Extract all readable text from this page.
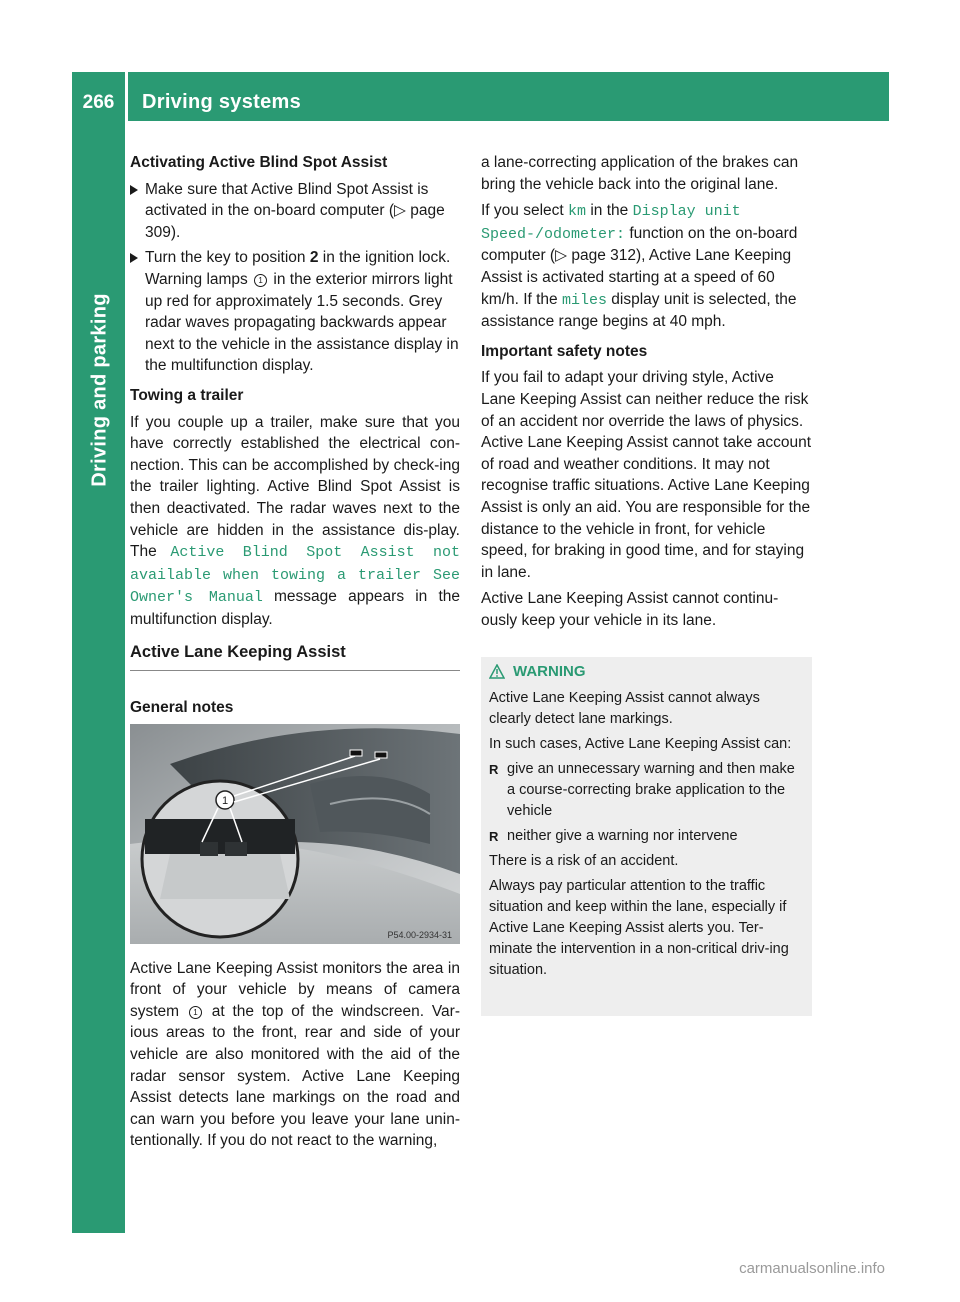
266	Driving systems
Driving and parking

Activating Active Blind Spot Assist

Make sure that Active Blind Spot Assist is activated in the on-board computer (▷ page 309).
Turn the key to position 2 in the ignition lock.
Warning lamps 1 in the exterior mirrors light up red for approximately 1.5 seconds. Grey radar waves propagating backwards appear next to the vehicle in the assistance display in the multifunction display.

Towing a trailer

If you couple up a trailer, make sure that you have correctly established the electrical con-nection. This can be accomplished by check-ing the trailer lighting. Active Blind Spot Assist is then deactivated. The radar waves next to the vehicle are hidden in the assistance dis-play. The Active Blind Spot Assist not available when towing a trailer See Owner's Manual message appears in the multifunction display.

Active Lane Keeping Assist

General notes

1
P54.00-2934-31

Active Lane Keeping Assist monitors the area in front of your vehicle by means of camera system 1 at the top of the windscreen. Var-ious areas to the front, rear and side of your vehicle are also monitored with the aid of the radar sensor system. Active Lane Keeping Assist detects lane markings on the road and can warn you before you leave your lane unin-tentionally. If you do not react to the warning,

a lane-correcting application of the brakes can bring the vehicle back into the original lane.

If you select km in the Display unit Speed-/odometer: function on the on-board computer (▷ page 312), Active Lane Keeping Assist is activated starting at a speed of 60 km/h. If the miles display unit is selected, the assistance range begins at 40 mph.

Important safety notes

If you fail to adapt your driving style, Active Lane Keeping Assist can neither reduce the risk of an accident nor override the laws of physics. Active Lane Keeping Assist cannot take account of road and weather conditions. It may not recognise traffic situations. Active Lane Keeping Assist is only an aid. You are responsible for the distance to the vehicle in front, for vehicle speed, for braking in good time, and for staying in lane.

Active Lane Keeping Assist cannot continu-ously keep your vehicle in its lane.

WARNING

Active Lane Keeping Assist cannot always clearly detect lane markings.

In such cases, Active Lane Keeping Assist can:

R give an unnecessary warning and then make a course-correcting brake application to the vehicle
R neither give a warning nor intervene

There is a risk of an accident.

Always pay particular attention to the traffic situation and keep within the lane, especially if Active Lane Keeping Assist alerts you. Ter-minate the intervention in a non-critical driv-ing situation.

carmanualsonline.info
